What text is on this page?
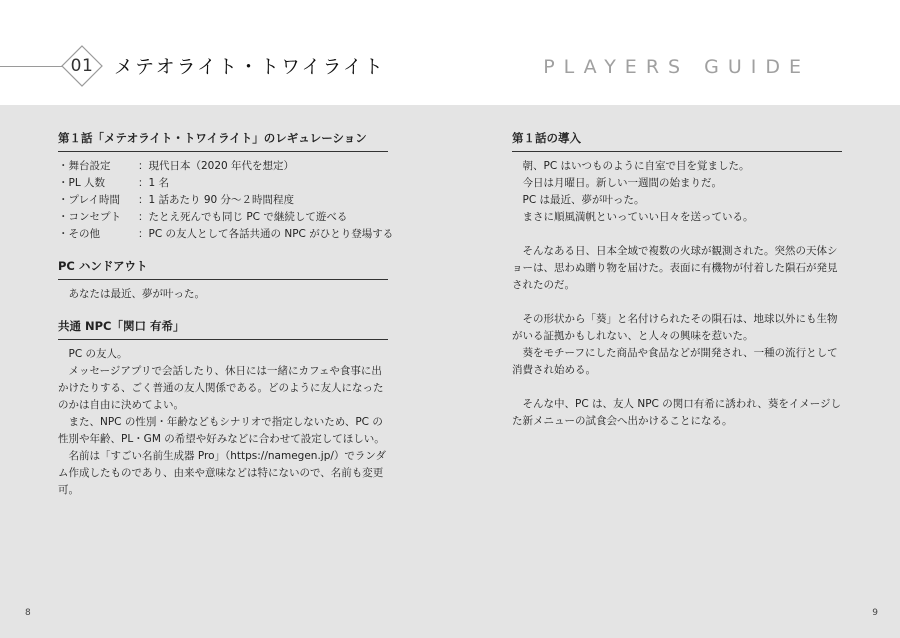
01	メテオライト・トワイライト	PLAYERS GUIDE
第１話「メテオライト・トワイライト」のレギュレーション
・舞台設定	：現代日本（2020 年代を想定）
・PL 人数	：1 名
・プレイ時間	：1 話あたり 90 分〜２時間程度
・コンセプト	：たとえ死んでも同じ PC で継続して遊べる
・その他	：PC の友人として各話共通の NPC がひとり登場する
PC ハンドアウト

あなたは最近、夢が叶った。

共通 NPC「関口 有希」

PC の友人。

メッセージアプリで会話したり、休日には一緒にカフェや食事に出かけたりする、ごく普通の友人関係である。どのように友人になったのかは自由に決めてよい。

また、NPC の性別・年齢などもシナリオで指定しないため、PC の性別や年齢、PL・GM の希望や好みなどに合わせて設定してほしい。

名前は「すごい名前生成器 Pro」（https://namegen.jp/）でランダム作成したものであり、由来や意味などは特にないので、名前も変更可。

第１話の導入

朝、PC はいつものように自室で目を覚ました。

今日は月曜日。新しい一週間の始まりだ。

PC は最近、夢が叶った。

まさに順風満帆といっていい日々を送っている。

そんなある日、日本全域で複数の火球が観測された。突然の天体ショーは、思わぬ贈り物を届けた。表面に有機物が付着した隕石が発見されたのだ。

その形状から「葵」と名付けられたその隕石は、地球以外にも生物がいる証拠かもしれない、と人々の興味を惹いた。

葵をモチーフにした商品や食品などが開発され、一種の流行として消費され始める。

そんな中、PC は、友人 NPC の関口有希に誘われ、葵をイメージした新メニューの試食会へ出かけることになる。

8	9
